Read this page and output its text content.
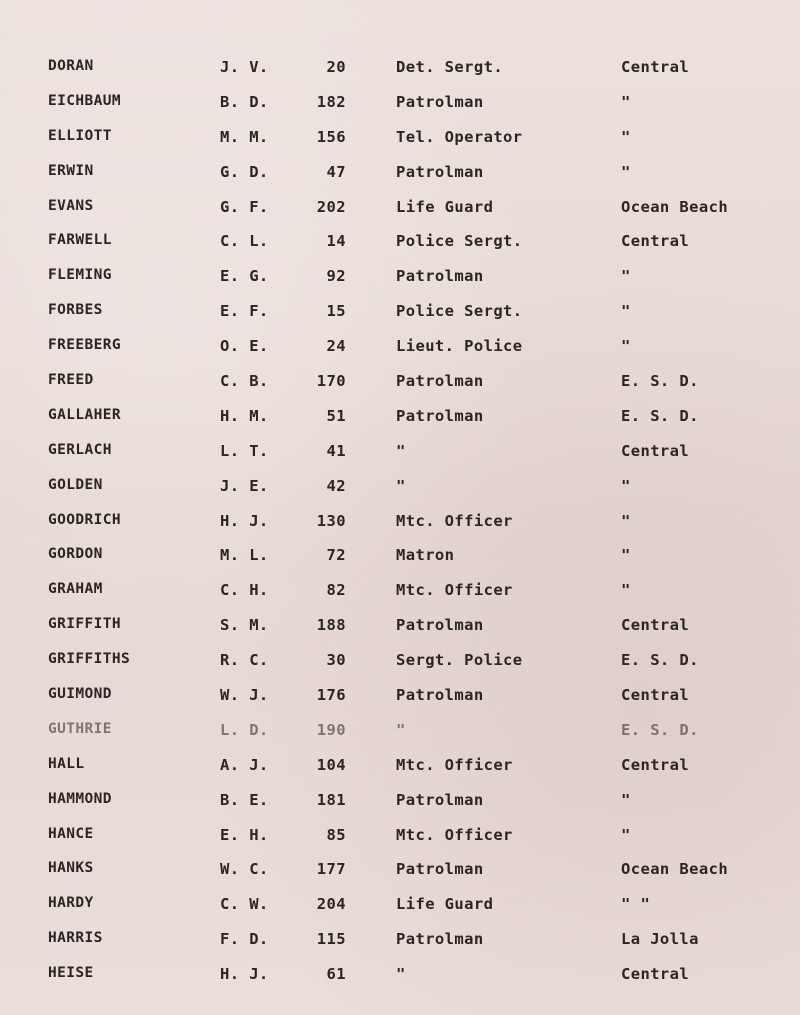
DORAN	J. V.	20	Det. Sergt.	Central
EICHBAUM	B. D.	182	Patrolman	"
ELLIOTT	M. M.	156	Tel. Operator	"
ERWIN	G. D.	47	Patrolman	"
EVANS	G. F.	202	Life Guard	Ocean Beach
FARWELL	C. L.	14	Police Sergt.	Central
FLEMING	E. G.	92	Patrolman	"
FORBES	E. F.	15	Police Sergt.	"
FREEBERG	O. E.	24	Lieut. Police	"
FREED	C. B.	170	Patrolman	E. S. D.
GALLAHER	H. M.	51	Patrolman	E. S. D.
GERLACH	L. T.	41	"	Central
GOLDEN	J. E.	42	"	"
GOODRICH	H. J.	130	Mtc. Officer	"
GORDON	M. L.	72	Matron	"
GRAHAM	C. H.	82	Mtc. Officer	"
GRIFFITH	S. M.	188	Patrolman	Central
GRIFFITHS	R. C.	30	Sergt. Police	E. S. D.
GUIMOND	W. J.	176	Patrolman	Central
GUTHRIE	L. D.	190	"	E. S. D.
HALL	A. J.	104	Mtc. Officer	Central
HAMMOND	B. E.	181	Patrolman	"
HANCE	E. H.	85	Mtc. Officer	"
HANKS	W. C.	177	Patrolman	Ocean Beach
HARDY	C. W.	204	Life Guard	" "
HARRIS	F. D.	115	Patrolman	La Jolla
HEISE	H. J.	61	"	Central
